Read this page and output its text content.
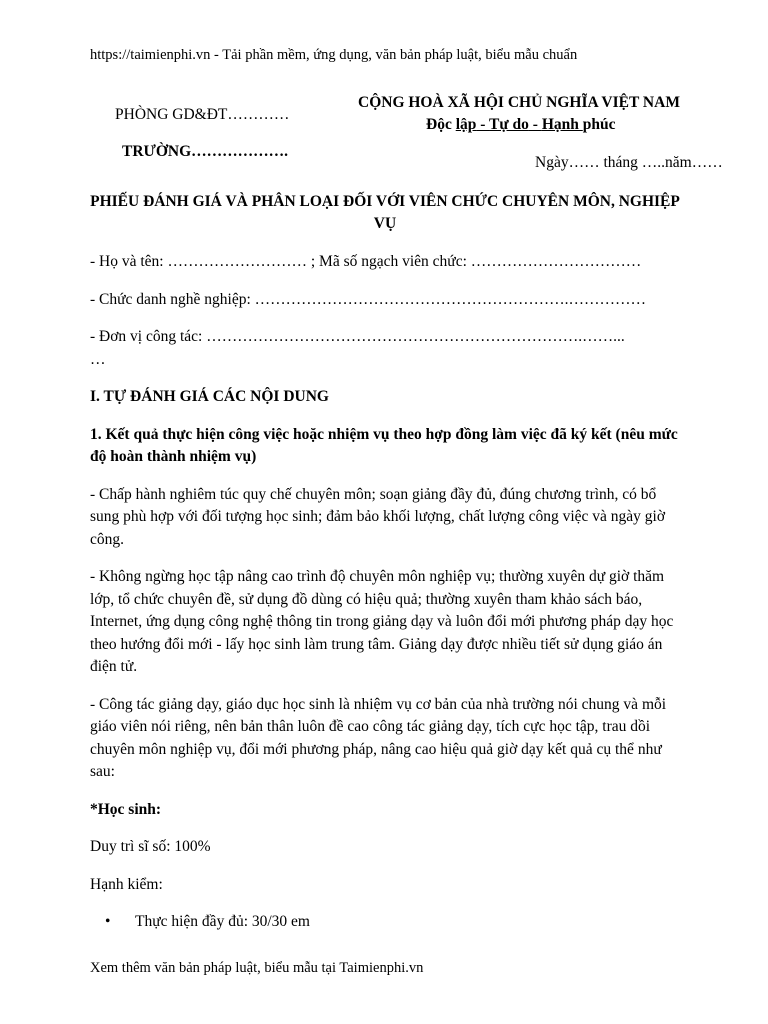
https://taimienphi.vn - Tải phần mềm, ứng dụng, văn bản pháp luật, biểu mẫu chuẩn
PHÒNG GD&ĐT…………
TRƯỜNG……………….
CỘNG HOÀ XÃ HỘI CHỦ NGHĨA VIỆT NAM
Độc lập - Tự do - Hạnh phúc
Ngày…… tháng …..năm……
PHIẾU ĐÁNH GIÁ VÀ PHÂN LOẠI ĐỐI VỚI VIÊN CHỨC CHUYÊN MÔN, NGHIỆP VỤ

- Họ và tên: ……………………… ; Mã số ngạch viên chức: ……………………………

- Chức danh nghề nghiệp: …………………………………………………….……………

- Đơn vị công tác: ……………………………………………………………….……...
…

I. TỰ ĐÁNH GIÁ CÁC NỘI DUNG

1. Kết quả thực hiện công việc hoặc nhiệm vụ theo hợp đồng làm việc đã ký kết (nêu mức độ hoàn thành nhiệm vụ)

- Chấp hành nghiêm túc quy chế chuyên môn; soạn giảng đầy đủ, đúng chương trình, có bổ sung phù hợp với đối tượng học sinh; đảm bảo khối lượng, chất lượng công việc và ngày giờ công.

- Không ngừng học tập nâng cao trình độ chuyên môn nghiệp vụ; thường xuyên dự giờ thăm lớp, tổ chức chuyên đề, sử dụng đồ dùng có hiệu quả; thường xuyên tham khảo sách báo, Internet, ứng dụng công nghệ thông tin trong giảng dạy và luôn đổi mới phương pháp dạy học theo hướng đổi mới - lấy học sinh làm trung tâm. Giảng dạy được nhiều tiết sử dụng giáo án điện tử.

- Công tác giảng dạy, giáo dục học sinh là nhiệm vụ cơ bản của nhà trường nói chung và mỗi giáo viên nói riêng, nên bản thân luôn đề cao công tác giảng dạy, tích cực học tập, trau dồi chuyên môn nghiệp vụ, đổi mới phương pháp, nâng cao hiệu quả giờ dạy kết quả cụ thể như sau:

*Học sinh:

Duy trì sĩ số: 100%

Hạnh kiểm:

• Thực hiện đầy đủ: 30/30 em
Xem thêm văn bản pháp luật, biểu mẫu tại Taimienphi.vn
